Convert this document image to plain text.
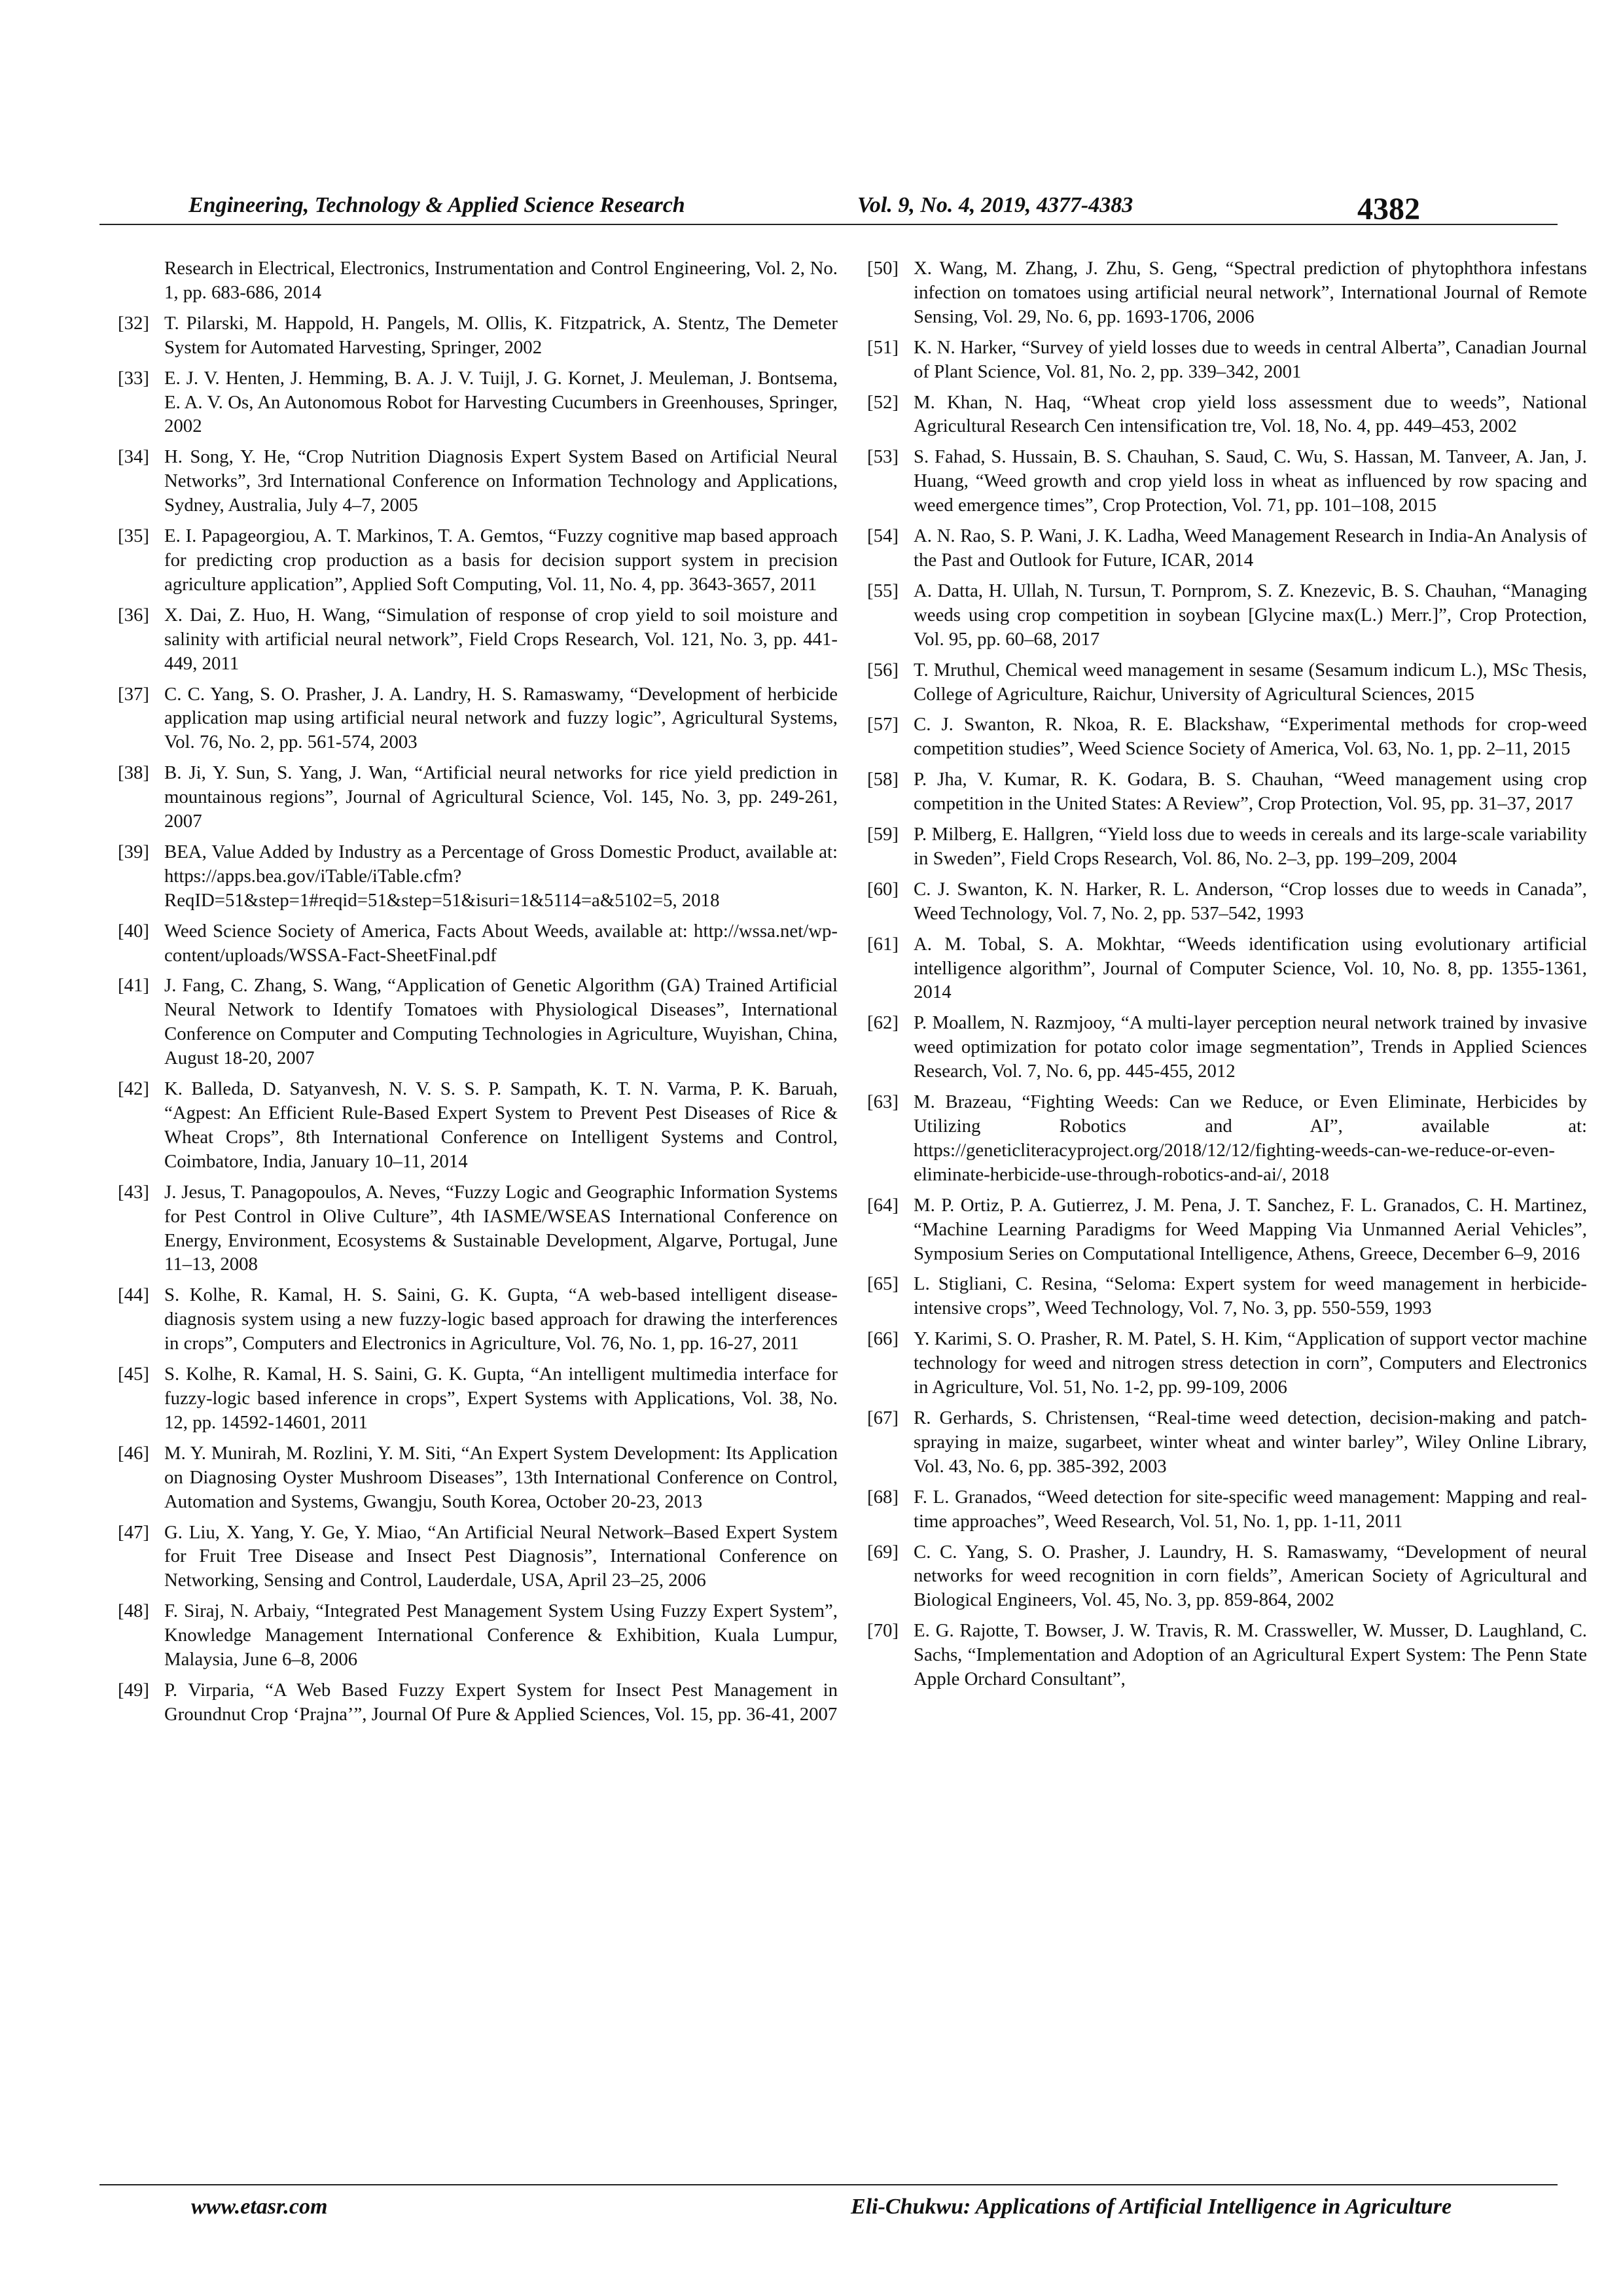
Engineering, Technology & Applied Science Research	Vol. 9, No. 4, 2019, 4377-4383	4382
Research in Electrical, Electronics, Instrumentation and Control Engineering, Vol. 2, No. 1, pp. 683-686, 2014
[32] T. Pilarski, M. Happold, H. Pangels, M. Ollis, K. Fitzpatrick, A. Stentz, The Demeter System for Automated Harvesting, Springer, 2002
[33] E. J. V. Henten, J. Hemming, B. A. J. V. Tuijl, J. G. Kornet, J. Meuleman, J. Bontsema, E. A. V. Os, An Autonomous Robot for Harvesting Cucumbers in Greenhouses, Springer, 2002
[34] H. Song, Y. He, “Crop Nutrition Diagnosis Expert System Based on Artificial Neural Networks”, 3rd International Conference on Information Technology and Applications, Sydney, Australia, July 4–7, 2005
[35] E. I. Papageorgiou, A. T. Markinos, T. A. Gemtos, “Fuzzy cognitive map based approach for predicting crop production as a basis for decision support system in precision agriculture application”, Applied Soft Computing, Vol. 11, No. 4, pp. 3643-3657, 2011
[36] X. Dai, Z. Huo, H. Wang, “Simulation of response of crop yield to soil moisture and salinity with artificial neural network”, Field Crops Research, Vol. 121, No. 3, pp. 441-449, 2011
[37] C. C. Yang, S. O. Prasher, J. A. Landry, H. S. Ramaswamy, “Development of herbicide application map using artificial neural network and fuzzy logic”, Agricultural Systems, Vol. 76, No. 2, pp. 561-574, 2003
[38] B. Ji, Y. Sun, S. Yang, J. Wan, “Artificial neural networks for rice yield prediction in mountainous regions”, Journal of Agricultural Science, Vol. 145, No. 3, pp. 249-261, 2007
[39] BEA, Value Added by Industry as a Percentage of Gross Domestic Product, available at: https://apps.bea.gov/iTable/iTable.cfm?ReqID=51&step=1#reqid=51&step=51&isuri=1&5114=a&5102=5, 2018
[40] Weed Science Society of America, Facts About Weeds, available at: http://wssa.net/wp-content/uploads/WSSA-Fact-SheetFinal.pdf
[41] J. Fang, C. Zhang, S. Wang, “Application of Genetic Algorithm (GA) Trained Artificial Neural Network to Identify Tomatoes with Physiological Diseases”, International Conference on Computer and Computing Technologies in Agriculture, Wuyishan, China, August 18-20, 2007
[42] K. Balleda, D. Satyanvesh, N. V. S. S. P. Sampath, K. T. N. Varma, P. K. Baruah, “Agpest: An Efficient Rule-Based Expert System to Prevent Pest Diseases of Rice & Wheat Crops”, 8th International Conference on Intelligent Systems and Control, Coimbatore, India, January 10–11, 2014
[43] J. Jesus, T. Panagopoulos, A. Neves, “Fuzzy Logic and Geographic Information Systems for Pest Control in Olive Culture”, 4th IASME/WSEAS International Conference on Energy, Environment, Ecosystems & Sustainable Development, Algarve, Portugal, June 11–13, 2008
[44] S. Kolhe, R. Kamal, H. S. Saini, G. K. Gupta, “A web-based intelligent disease-diagnosis system using a new fuzzy-logic based approach for drawing the interferences in crops”, Computers and Electronics in Agriculture, Vol. 76, No. 1, pp. 16-27, 2011
[45] S. Kolhe, R. Kamal, H. S. Saini, G. K. Gupta, “An intelligent multimedia interface for fuzzy-logic based inference in crops”, Expert Systems with Applications, Vol. 38, No. 12, pp. 14592-14601, 2011
[46] M. Y. Munirah, M. Rozlini, Y. M. Siti, “An Expert System Development: Its Application on Diagnosing Oyster Mushroom Diseases”, 13th International Conference on Control, Automation and Systems, Gwangju, South Korea, October 20-23, 2013
[47] G. Liu, X. Yang, Y. Ge, Y. Miao, “An Artificial Neural Network–Based Expert System for Fruit Tree Disease and Insect Pest Diagnosis”, International Conference on Networking, Sensing and Control, Lauderdale, USA, April 23–25, 2006
[48] F. Siraj, N. Arbaiy, “Integrated Pest Management System Using Fuzzy Expert System”, Knowledge Management International Conference & Exhibition, Kuala Lumpur, Malaysia, June 6–8, 2006
[49] P. Virparia, “A Web Based Fuzzy Expert System for Insect Pest Management in Groundnut Crop ‘Prajna’”, Journal Of Pure & Applied Sciences, Vol. 15, pp. 36-41, 2007
[50] X. Wang, M. Zhang, J. Zhu, S. Geng, “Spectral prediction of phytophthora infestans infection on tomatoes using artificial neural network”, International Journal of Remote Sensing, Vol. 29, No. 6, pp. 1693-1706, 2006
[51] K. N. Harker, “Survey of yield losses due to weeds in central Alberta”, Canadian Journal of Plant Science, Vol. 81, No. 2, pp. 339–342, 2001
[52] M. Khan, N. Haq, “Wheat crop yield loss assessment due to weeds”, National Agricultural Research Cen intensification tre, Vol. 18, No. 4, pp. 449–453, 2002
[53] S. Fahad, S. Hussain, B. S. Chauhan, S. Saud, C. Wu, S. Hassan, M. Tanveer, A. Jan, J. Huang, “Weed growth and crop yield loss in wheat as influenced by row spacing and weed emergence times”, Crop Protection, Vol. 71, pp. 101–108, 2015
[54] A. N. Rao, S. P. Wani, J. K. Ladha, Weed Management Research in India-An Analysis of the Past and Outlook for Future, ICAR, 2014
[55] A. Datta, H. Ullah, N. Tursun, T. Pornprom, S. Z. Knezevic, B. S. Chauhan, “Managing weeds using crop competition in soybean [Glycine max(L.) Merr.]”, Crop Protection, Vol. 95, pp. 60–68, 2017
[56] T. Mruthul, Chemical weed management in sesame (Sesamum indicum L.), MSc Thesis, College of Agriculture, Raichur, University of Agricultural Sciences, 2015
[57] C. J. Swanton, R. Nkoa, R. E. Blackshaw, “Experimental methods for crop-weed competition studies”, Weed Science Society of America, Vol. 63, No. 1, pp. 2–11, 2015
[58] P. Jha, V. Kumar, R. K. Godara, B. S. Chauhan, “Weed management using crop competition in the United States: A Review”, Crop Protection, Vol. 95, pp. 31–37, 2017
[59] P. Milberg, E. Hallgren, “Yield loss due to weeds in cereals and its large-scale variability in Sweden”, Field Crops Research, Vol. 86, No. 2–3, pp. 199–209, 2004
[60] C. J. Swanton, K. N. Harker, R. L. Anderson, “Crop losses due to weeds in Canada”, Weed Technology, Vol. 7, No. 2, pp. 537–542, 1993
[61] A. M. Tobal, S. A. Mokhtar, “Weeds identification using evolutionary artificial intelligence algorithm”, Journal of Computer Science, Vol. 10, No. 8, pp. 1355-1361, 2014
[62] P. Moallem, N. Razmjooy, “A multi-layer perception neural network trained by invasive weed optimization for potato color image segmentation”, Trends in Applied Sciences Research, Vol. 7, No. 6, pp. 445-455, 2012
[63] M. Brazeau, “Fighting Weeds: Can we Reduce, or Even Eliminate, Herbicides by Utilizing Robotics and AI”, available at: https://geneticliteracyproject.org/2018/12/12/fighting-weeds-can-we-reduce-or-even-eliminate-herbicide-use-through-robotics-and-ai/, 2018
[64] M. P. Ortiz, P. A. Gutierrez, J. M. Pena, J. T. Sanchez, F. L. Granados, C. H. Martinez, “Machine Learning Paradigms for Weed Mapping Via Unmanned Aerial Vehicles”, Symposium Series on Computational Intelligence, Athens, Greece, December 6–9, 2016
[65] L. Stigliani, C. Resina, “Seloma: Expert system for weed management in herbicide-intensive crops”, Weed Technology, Vol. 7, No. 3, pp. 550-559, 1993
[66] Y. Karimi, S. O. Prasher, R. M. Patel, S. H. Kim, “Application of support vector machine technology for weed and nitrogen stress detection in corn”, Computers and Electronics in Agriculture, Vol. 51, No. 1-2, pp. 99-109, 2006
[67] R. Gerhards, S. Christensen, “Real-time weed detection, decision-making and patch-spraying in maize, sugarbeet, winter wheat and winter barley”, Wiley Online Library, Vol. 43, No. 6, pp. 385-392, 2003
[68] F. L. Granados, “Weed detection for site-specific weed management: Mapping and real-time approaches”, Weed Research, Vol. 51, No. 1, pp. 1-11, 2011
[69] C. C. Yang, S. O. Prasher, J. Laundry, H. S. Ramaswamy, “Development of neural networks for weed recognition in corn fields”, American Society of Agricultural and Biological Engineers, Vol. 45, No. 3, pp. 859-864, 2002
[70] E. G. Rajotte, T. Bowser, J. W. Travis, R. M. Crassweller, W. Musser, D. Laughland, C. Sachs, “Implementation and Adoption of an Agricultural Expert System: The Penn State Apple Orchard Consultant”,
www.etasr.com	Eli-Chukwu: Applications of Artificial Intelligence in Agriculture
